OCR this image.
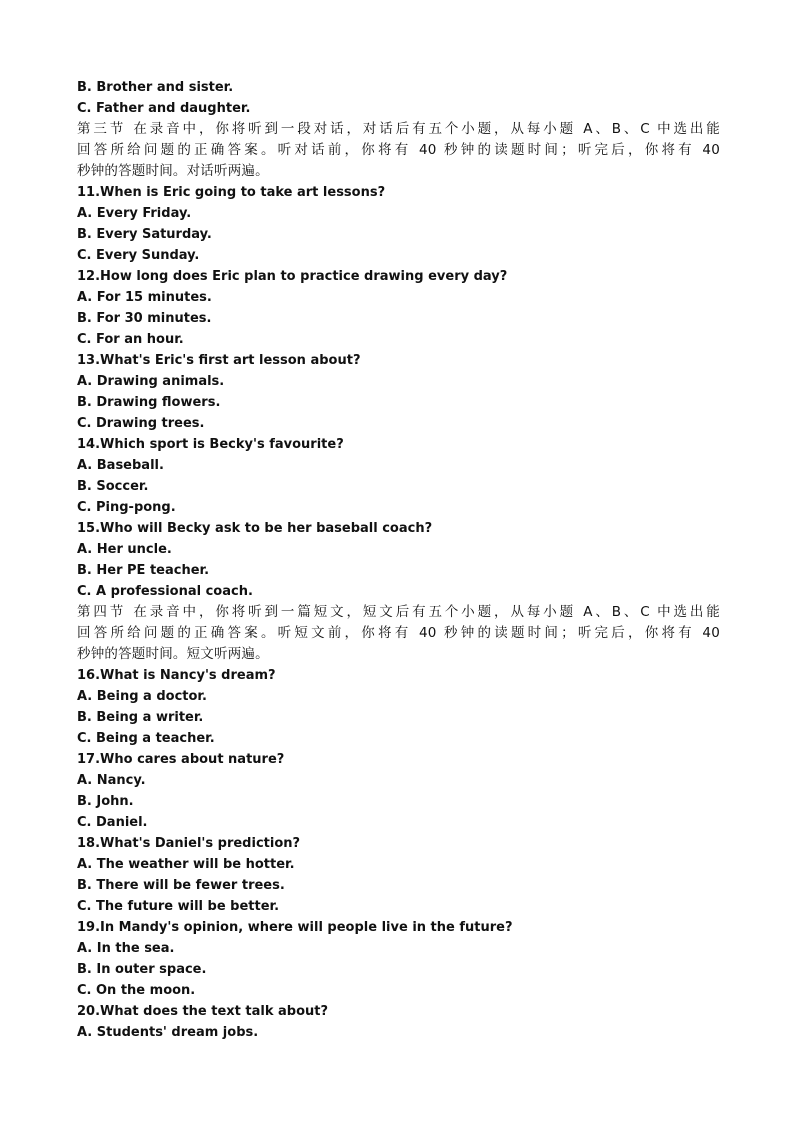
B. Brother and sister.
C. Father and daughter.
第三节 在录音中，你将听到一段对话，对话后有五个小题，从每小题 A、B、C 中选出能
回答所给问题的正确答案。听对话前，你将有 40 秒钟的读题时间；听完后，你将有 40
秒钟的答题时间。对话听两遍。
11.When is Eric going to take art lessons?
A. Every Friday.
B. Every Saturday.
C. Every Sunday.
12.How long does Eric plan to practice drawing every day?
A. For 15 minutes.
B. For 30 minutes.
C. For an hour.
13.What's Eric's first art lesson about?
A. Drawing animals.
B. Drawing flowers.
C. Drawing trees.
14.Which sport is Becky's favourite?
A. Baseball.
B. Soccer.
C. Ping-pong.
15.Who will Becky ask to be her baseball coach?
A. Her uncle.
B. Her PE teacher.
C. A professional coach.
第四节 在录音中，你将听到一篇短文，短文后有五个小题，从每小题 A、B、C 中选出能
回答所给问题的正确答案。听短文前，你将有 40 秒钟的读题时间；听完后，你将有 40
秒钟的答题时间。短文听两遍。
16.What is Nancy's dream?
A. Being a doctor.
B. Being a writer.
C. Being a teacher.
17.Who cares about nature?
A. Nancy.
B. John.
C. Daniel.
18.What's Daniel's prediction?
A. The weather will be hotter.
B. There will be fewer trees.
C. The future will be better.
19.In Mandy's opinion, where will people live in the future?
A. In the sea.
B. In outer space.
C. On the moon.
20.What does the text talk about?
A. Students' dream jobs.
